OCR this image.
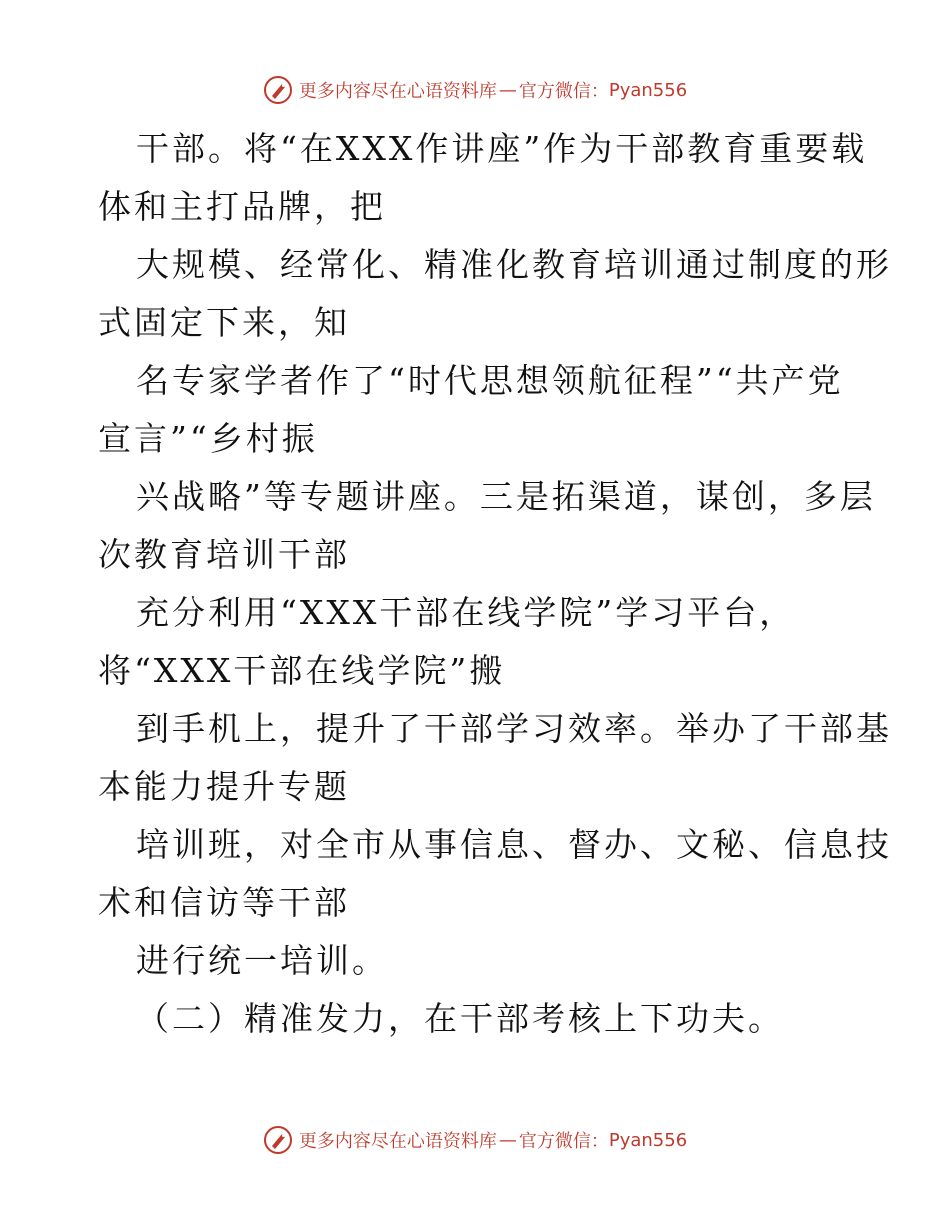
更多内容尽在心语资料库 — 官方微信： Pyan556
干部。将“在XXX作讲座”作为干部教育重要载
体和主打品牌，把
大规模、经常化、精准化教育培训通过制度的形
式固定下来，知
名专家学者作了“时代思想领航征程”“共产党
宣言”“乡村振
兴战略”等专题讲座。三是拓渠道，谋创，多层
次教育培训干部
充分利用“XXX干部在线学院”学习平台，
将“XXX干部在线学院”搬
到手机上，提升了干部学习效率。举办了干部基
本能力提升专题
培训班，对全市从事信息、督办、文秘、信息技
术和信访等干部
进行统一培训。
（二）精准发力，在干部考核上下功夫。
更多内容尽在心语资料库 — 官方微信： Pyan556
